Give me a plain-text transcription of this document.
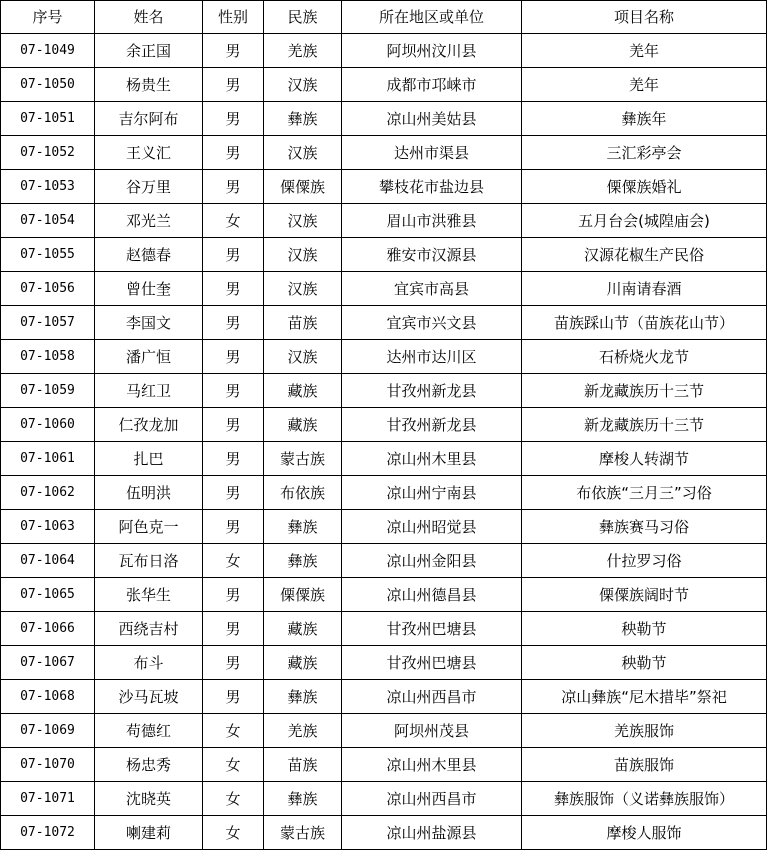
序号	姓名	性别	民族	所在地区或单位	项目名称
07-1049	余正国	男	羌族	阿坝州汶川县	羌年
07-1050	杨贵生	男	汉族	成都市邛崃市	羌年
07-1051	吉尔阿布	男	彝族	凉山州美姑县	彝族年
07-1052	王义汇	男	汉族	达州市渠县	三汇彩亭会
07-1053	谷万里	男	傈僳族	攀枝花市盐边县	傈僳族婚礼
07-1054	邓光兰	女	汉族	眉山市洪雅县	五月台会(城隍庙会)
07-1055	赵德春	男	汉族	雅安市汉源县	汉源花椒生产民俗
07-1056	曾仕奎	男	汉族	宜宾市高县	川南请春酒
07-1057	李国文	男	苗族	宜宾市兴文县	苗族踩山节（苗族花山节）
07-1058	潘广恒	男	汉族	达州市达川区	石桥烧火龙节
07-1059	马红卫	男	藏族	甘孜州新龙县	新龙藏族历十三节
07-1060	仁孜龙加	男	藏族	甘孜州新龙县	新龙藏族历十三节
07-1061	扎巴	男	蒙古族	凉山州木里县	摩梭人转湖节
07-1062	伍明洪	男	布依族	凉山州宁南县	布依族“三月三”习俗
07-1063	阿色克一	男	彝族	凉山州昭觉县	彝族赛马习俗
07-1064	瓦布日洛	女	彝族	凉山州金阳县	什拉罗习俗
07-1065	张华生	男	傈僳族	凉山州德昌县	傈僳族阔时节
07-1066	西绕吉村	男	藏族	甘孜州巴塘县	秧勒节
07-1067	布斗	男	藏族	甘孜州巴塘县	秧勒节
07-1068	沙马瓦坡	男	彝族	凉山州西昌市	凉山彝族“尼木措毕”祭祀
07-1069	苟德红	女	羌族	阿坝州茂县	羌族服饰
07-1070	杨忠秀	女	苗族	凉山州木里县	苗族服饰
07-1071	沈晓英	女	彝族	凉山州西昌市	彝族服饰（义诺彝族服饰）
07-1072	喇建莉	女	蒙古族	凉山州盐源县	摩梭人服饰
